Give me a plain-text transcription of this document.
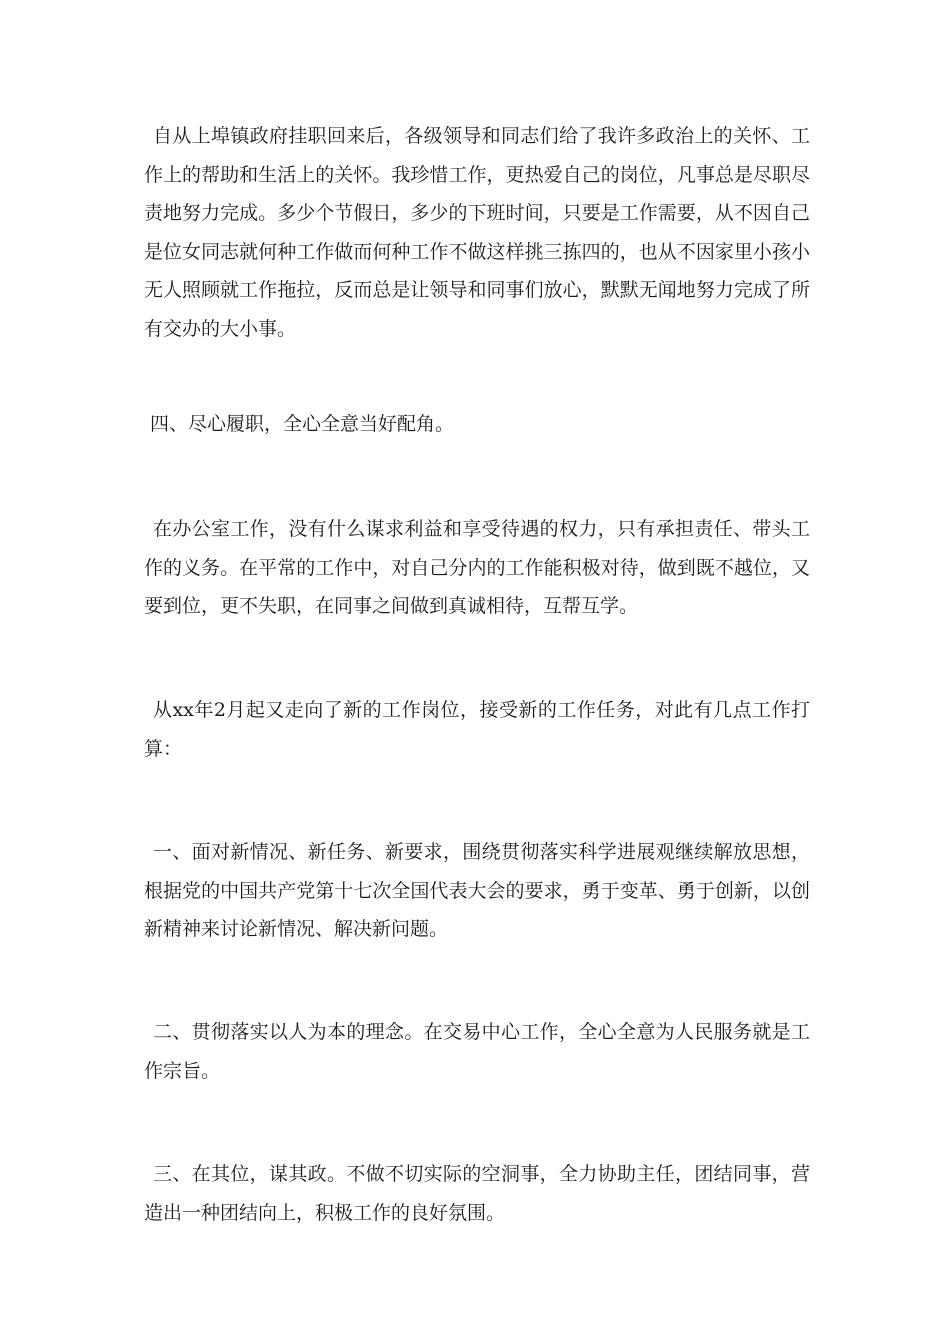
自从上埠镇政府挂职回来后，各级领导和同志们给了我许多政治上的关怀、工作上的帮助和生活上的关怀。我珍惜工作，更热爱自己的岗位，凡事总是尽职尽责地努力完成。多少个节假日，多少的下班时间，只要是工作需要，从不因自己是位女同志就何种工作做而何种工作不做这样挑三拣四的，也从不因家里小孩小无人照顾就工作拖拉，反而总是让领导和同事们放心，默默无闻地努力完成了所有交办的大小事。

四、尽心履职，全心全意当好配角。

在办公室工作，没有什么谋求利益和享受待遇的权力，只有承担责任、带头工作的义务。在平常的工作中，对自己分内的工作能积极对待，做到既不越位，又要到位，更不失职，在同事之间做到真诚相待，互帮互学。

从xx年2月起又走向了新的工作岗位，接受新的工作任务，对此有几点工作打算：

一、面对新情况、新任务、新要求，围绕贯彻落实科学进展观继续解放思想，根据党的中国共产党第十七次全国代表大会的要求，勇于变革、勇于创新，以创新精神来讨论新情况、解决新问题。

二、贯彻落实以人为本的理念。在交易中心工作，全心全意为人民服务就是工作宗旨。

三、在其位，谋其政。不做不切实际的空洞事，全力协助主任，团结同事，营造出一种团结向上，积极工作的良好氛围。
